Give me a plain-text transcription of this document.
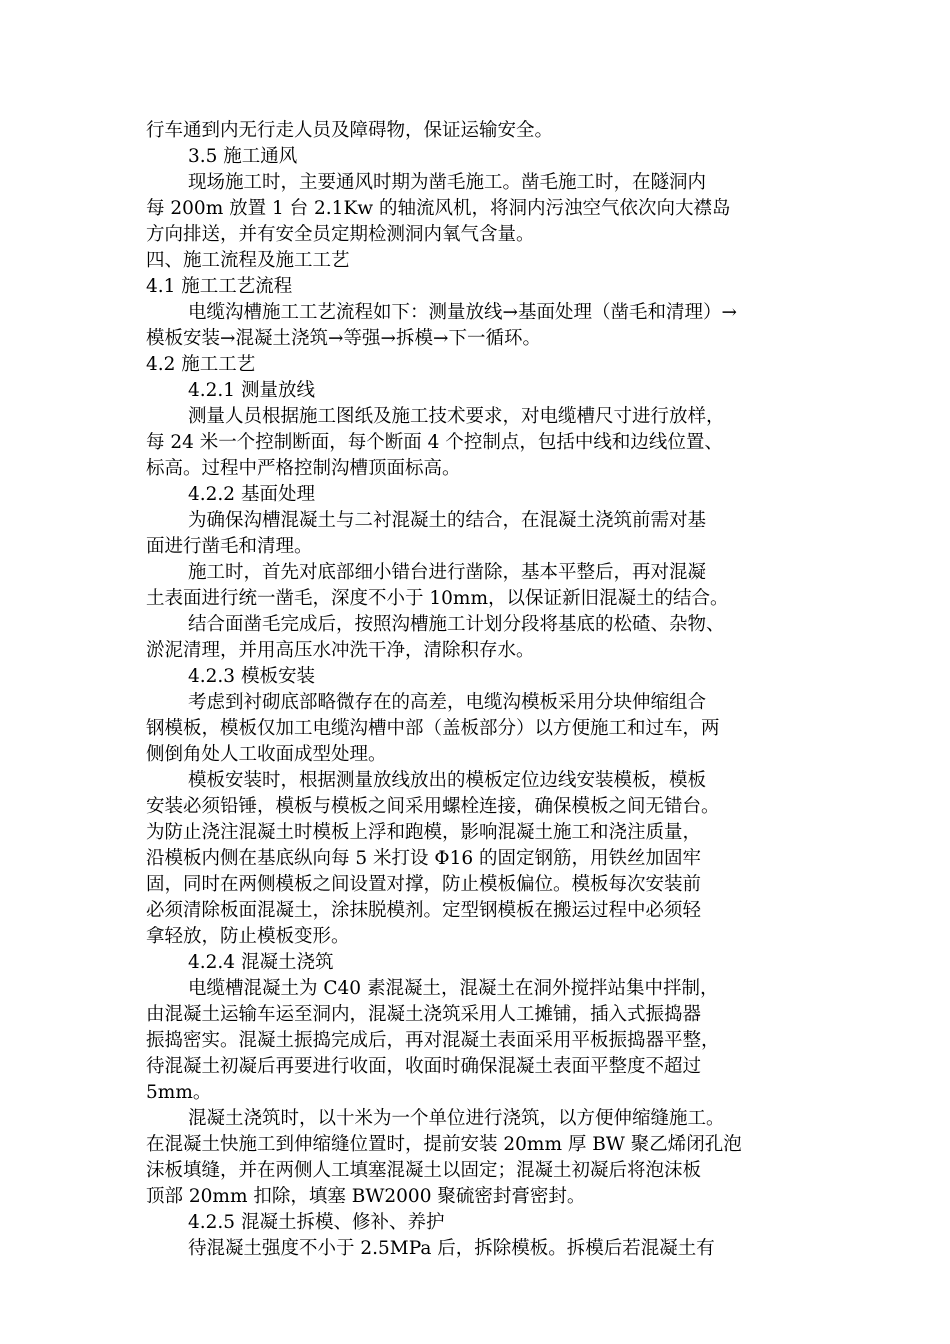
行车通到内无行走人员及障碍物，保证运输安全。
3.5 施工通风
现场施工时，主要通风时期为凿毛施工。凿毛施工时，在隧洞内
每 200m 放置 1 台 2.1Kw 的轴流风机，将洞内污浊空气依次向大襟岛
方向排送，并有安全员定期检测洞内氧气含量。
四、施工流程及施工工艺
4.1 施工工艺流程
电缆沟槽施工工艺流程如下：测量放线→基面处理（凿毛和清理）→
模板安装→混凝土浇筑→等强→拆模→下一循环。
4.2 施工工艺
4.2.1 测量放线
测量人员根据施工图纸及施工技术要求，对电缆槽尺寸进行放样，
每 24 米一个控制断面，每个断面 4 个控制点，包括中线和边线位置、
标高。过程中严格控制沟槽顶面标高。
4.2.2 基面处理
为确保沟槽混凝土与二衬混凝土的结合，在混凝土浇筑前需对基
面进行凿毛和清理。
施工时，首先对底部细小错台进行凿除，基本平整后，再对混凝
土表面进行统一凿毛，深度不小于 10mm，以保证新旧混凝土的结合。
结合面凿毛完成后，按照沟槽施工计划分段将基底的松碴、杂物、
淤泥清理，并用高压水冲洗干净，清除积存水。
4.2.3 模板安装
考虑到衬砌底部略微存在的高差，电缆沟模板采用分块伸缩组合
钢模板，模板仅加工电缆沟槽中部（盖板部分）以方便施工和过车，两
侧倒角处人工收面成型处理。
模板安装时，根据测量放线放出的模板定位边线安装模板，模板
安装必须铅锤，模板与模板之间采用螺栓连接，确保模板之间无错台。
为防止浇注混凝土时模板上浮和跑模，影响混凝土施工和浇注质量，
沿模板内侧在基底纵向每 5 米打设 Φ16 的固定钢筋，用铁丝加固牢
固，同时在两侧模板之间设置对撑，防止模板偏位。模板每次安装前
必须清除板面混凝土，涂抹脱模剂。定型钢模板在搬运过程中必须轻
拿轻放，防止模板变形。
4.2.4 混凝土浇筑
电缆槽混凝土为 C40 素混凝土，混凝土在洞外搅拌站集中拌制，
由混凝土运输车运至洞内，混凝土浇筑采用人工摊铺，插入式振捣器
振捣密实。混凝土振捣完成后，再对混凝土表面采用平板振捣器平整，
待混凝土初凝后再要进行收面，收面时确保混凝土表面平整度不超过
5mm。
混凝土浇筑时，以十米为一个单位进行浇筑，以方便伸缩缝施工。
在混凝土快施工到伸缩缝位置时，提前安装 20mm 厚 BW 聚乙烯闭孔泡
沫板填缝，并在两侧人工填塞混凝土以固定；混凝土初凝后将泡沫板
顶部 20mm 扣除，填塞 BW2000 聚硫密封膏密封。
4.2.5 混凝土拆模、修补、养护
待混凝土强度不小于 2.5MPa 后，拆除模板。拆模后若混凝土有
